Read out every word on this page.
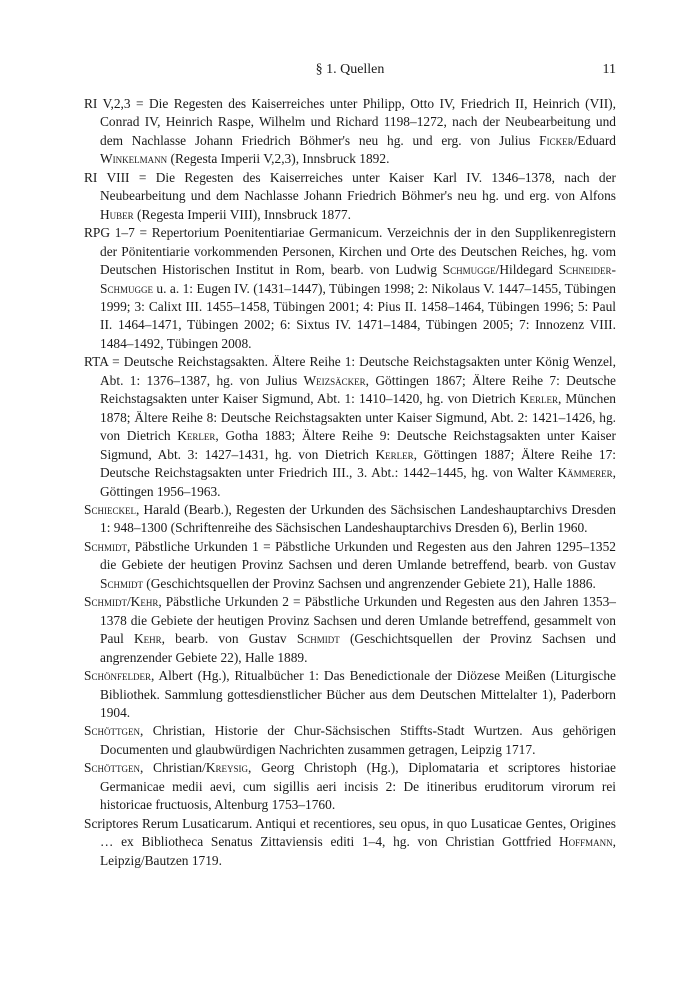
§ 1. Quellen	11

RI V,2,3 = Die Regesten des Kaiserreiches unter Philipp, Otto IV, Friedrich II, Heinrich (VII), Conrad IV, Heinrich Raspe, Wilhelm und Richard 1198–1272, nach der Neubearbeitung und dem Nachlasse Johann Friedrich Böhmer's neu hg. und erg. von Julius Ficker/Eduard Winkelmann (Regesta Imperii V,2,3), Innsbruck 1892.

RI VIII = Die Regesten des Kaiserreiches unter Kaiser Karl IV. 1346–1378, nach der Neubearbeitung und dem Nachlasse Johann Friedrich Böhmer's neu hg. und erg. von Alfons Huber (Regesta Imperii VIII), Innsbruck 1877.

RPG 1–7 = Repertorium Poenitentiariae Germanicum. Verzeichnis der in den Supplikenregistern der Pönitentiarie vorkommenden Personen, Kirchen und Orte des Deutschen Reiches, hg. vom Deutschen Historischen Institut in Rom, bearb. von Ludwig Schmugge/Hildegard Schneider-Schmugge u. a. 1: Eugen IV. (1431–1447), Tübingen 1998; 2: Nikolaus V. 1447–1455, Tübingen 1999; 3: Calixt III. 1455–1458, Tübingen 2001; 4: Pius II. 1458–1464, Tübingen 1996; 5: Paul II. 1464–1471, Tübingen 2002; 6: Sixtus IV. 1471–1484, Tübingen 2005; 7: Innozenz VIII. 1484–1492, Tübingen 2008.

RTA = Deutsche Reichstagsakten. Ältere Reihe 1: Deutsche Reichstagsakten unter König Wenzel, Abt. 1: 1376–1387, hg. von Julius Weizsäcker, Göttingen 1867; Ältere Reihe 7: Deutsche Reichstagsakten unter Kaiser Sigmund, Abt. 1: 1410–1420, hg. von Dietrich Kerler, München 1878; Ältere Reihe 8: Deutsche Reichstagsakten unter Kaiser Sigmund, Abt. 2: 1421–1426, hg. von Dietrich Kerler, Gotha 1883; Ältere Reihe 9: Deutsche Reichstagsakten unter Kaiser Sigmund, Abt. 3: 1427–1431, hg. von Dietrich Kerler, Göttingen 1887; Ältere Reihe 17: Deutsche Reichstagsakten unter Friedrich III., 3. Abt.: 1442–1445, hg. von Walter Kämmerer, Göttingen 1956–1963.

Schieckel, Harald (Bearb.), Regesten der Urkunden des Sächsischen Landeshauptarchivs Dresden 1: 948–1300 (Schriftenreihe des Sächsischen Landeshauptarchivs Dresden 6), Berlin 1960.

Schmidt, Päbstliche Urkunden 1 = Päbstliche Urkunden und Regesten aus den Jahren 1295–1352 die Gebiete der heutigen Provinz Sachsen und deren Umlande betreffend, bearb. von Gustav Schmidt (Geschichtsquellen der Provinz Sachsen und angrenzender Gebiete 21), Halle 1886.

Schmidt/Kehr, Päbstliche Urkunden 2 = Päbstliche Urkunden und Regesten aus den Jahren 1353–1378 die Gebiete der heutigen Provinz Sachsen und deren Umlande betreffend, gesammelt von Paul Kehr, bearb. von Gustav Schmidt (Geschichtsquellen der Provinz Sachsen und angrenzender Gebiete 22), Halle 1889.

Schönfelder, Albert (Hg.), Ritualbücher 1: Das Benedictionale der Diözese Meißen (Liturgische Bibliothek. Sammlung gottesdienstlicher Bücher aus dem Deutschen Mittelalter 1), Paderborn 1904.

Schöttgen, Christian, Historie der Chur-Sächsischen Stiffts-Stadt Wurtzen. Aus gehörigen Documenten und glaubwürdigen Nachrichten zusammen getragen, Leipzig 1717.

Schöttgen, Christian/Kreysig, Georg Christoph (Hg.), Diplomataria et scriptores historiae Germanicae medii aevi, cum sigillis aeri incisis 2: De itineribus eruditorum virorum rei historicae fructuosis, Altenburg 1753–1760.

Scriptores Rerum Lusaticarum. Antiqui et recentiores, seu opus, in quo Lusaticae Gentes, Origines … ex Bibliotheca Senatus Zittaviensis editi 1–4, hg. von Christian Gottfried Hoffmann, Leipzig/Bautzen 1719.
